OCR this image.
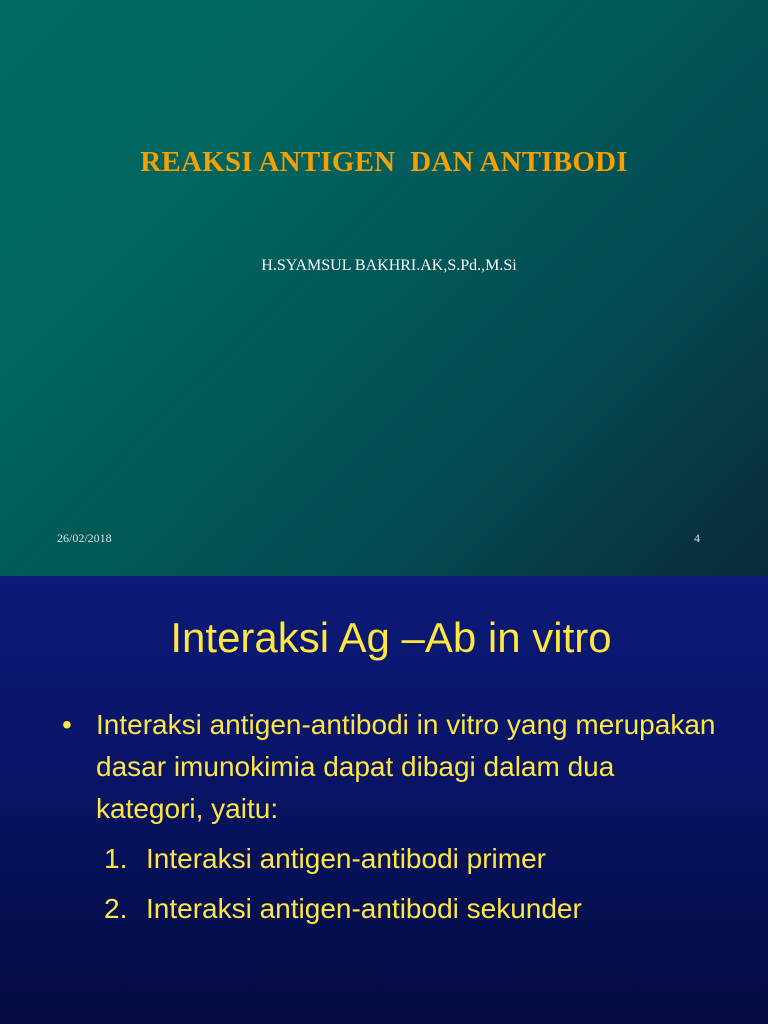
REAKSI ANTIGEN  DAN ANTIBODI
H.SYAMSUL BAKHRI.AK,S.Pd.,M.Si
26/02/2018	4
Interaksi Ag –Ab in vitro
• Interaksi antigen-antibodi in vitro yang merupakan dasar imunokimia dapat dibagi dalam dua kategori, yaitu:
1. Interaksi antigen-antibodi primer
2. Interaksi antigen-antibodi sekunder
